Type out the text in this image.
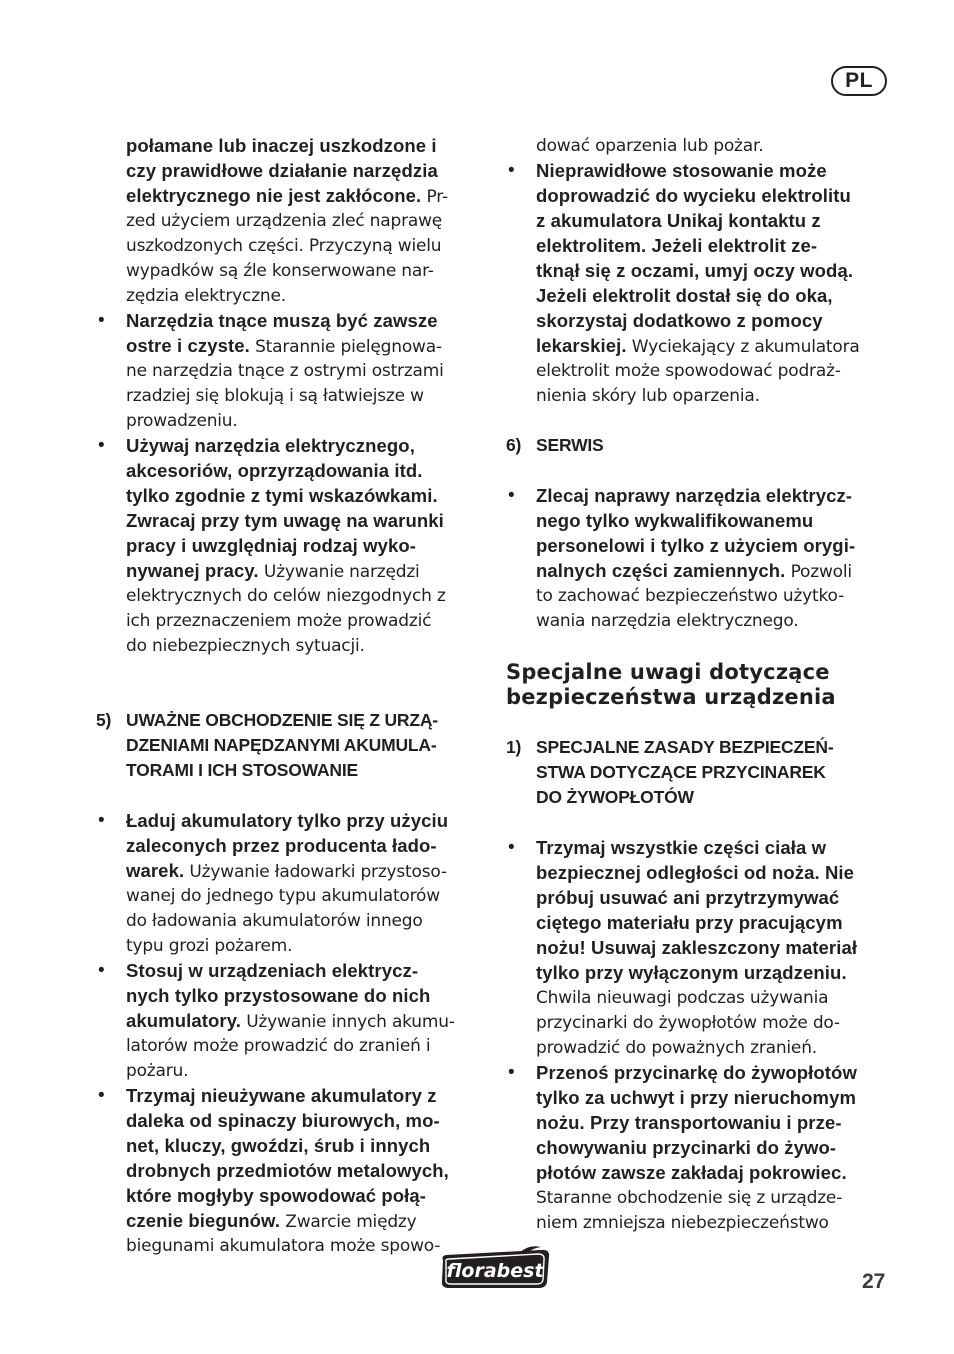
PL
połamane lub inaczej uszkodzone i
czy prawidłowe działanie narzędzia
elektrycznego nie jest zakłócone. Pr-
zed użyciem urządzenia zleć naprawę
uszkodzonych części. Przyczyną wielu
wypadków są źle konserwowane nar-
zędzia elektryczne.
• Narzędzia tnące muszą być zawsze
ostre i czyste. Starannie pielęgnowa-
ne narzędzia tnące z ostrymi ostrzami
rzadziej się blokują i są łatwiejsze w
prowadzeniu.
• Używaj narzędzia elektrycznego,
akcesoriów, oprzyrządowania itd.
tylko zgodnie z tymi wskazówkami.
Zwracaj przy tym uwagę na warunki
pracy i uwzględniaj rodzaj wyko-
nywanej pracy. Używanie narzędzi
elektrycznych do celów niezgodnych z
ich przeznaczeniem może prowadzić
do niebezpiecznych sytuacji.
5) UWAŻNE OBCHODZENIE SIĘ Z URZĄ-
DZENIAMI NAPĘDZANYMI AKUMULA-
TORAMI I ICH STOSOWANIE
• Ładuj akumulatory tylko przy użyciu
zaleconych przez producenta łado-
warek. Używanie ładowarki przystoso-
wanej do jednego typu akumulatorów
do ładowania akumulatorów innego
typu grozi pożarem.
• Stosuj w urządzeniach elektrycz-
nych tylko przystosowane do nich
akumulatory. Używanie innych akumu-
latorów może prowadzić do zranień i
pożaru.
• Trzymaj nieużywane akumulatory z
daleka od spinaczy biurowych, mo-
net, kluczy, gwoździ, śrub i innych
drobnych przedmiotów metalowych,
które mogłyby spowodować połą-
czenie biegunów. Zwarcie między
biegunami akumulatora może spowo-
dować oparzenia lub pożar.
• Nieprawidłowe stosowanie może
doprowadzić do wycieku elektrolitu
z akumulatora Unikaj kontaktu z
elektrolitem. Jeżeli elektrolit ze-
tknął się z oczami, umyj oczy wodą.
Jeżeli elektrolit dostał się do oka,
skorzystaj dodatkowo z pomocy
lekarskiej. Wyciekający z akumulatora
elektrolit może spowodować podraż-
nienia skóry lub oparzenia.
6) SERWIS
• Zlecaj naprawy narzędzia elektrycz-
nego tylko wykwalifikowanemu
personelowi i tylko z użyciem orygi-
nalnych części zamiennych. Pozwoli
to zachować bezpieczeństwo użytko-
wania narzędzia elektrycznego.
Specjalne uwagi dotyczące
bezpieczeństwa urządzenia
1) SPECJALNE ZASADY BEZPIECZEŃ-
STWA DOTYCZĄCE PRZYCINAREK
DO ŻYWOPŁOTÓW
• Trzymaj wszystkie części ciała w
bezpiecznej odległości od noża. Nie
próbuj usuwać ani przytrzymywać
ciętego materiału przy pracującym
nożu! Usuwaj zakleszczony materiał
tylko przy wyłączonym urządzeniu.
Chwila nieuwagi podczas używania
przycinarki do żywopłotów może do-
prowadzić do poważnych zranień.
• Przenoś przycinarkę do żywopłotów
tylko za uchwyt i przy nieruchomym
nożu. Przy transportowaniu i prze-
chowywaniu przycinarki do żywo-
płotów zawsze zakładaj pokrowiec.
Staranne obchodzenie się z urządze-
niem zmniejsza niebezpieczeństwo
florabest	27
